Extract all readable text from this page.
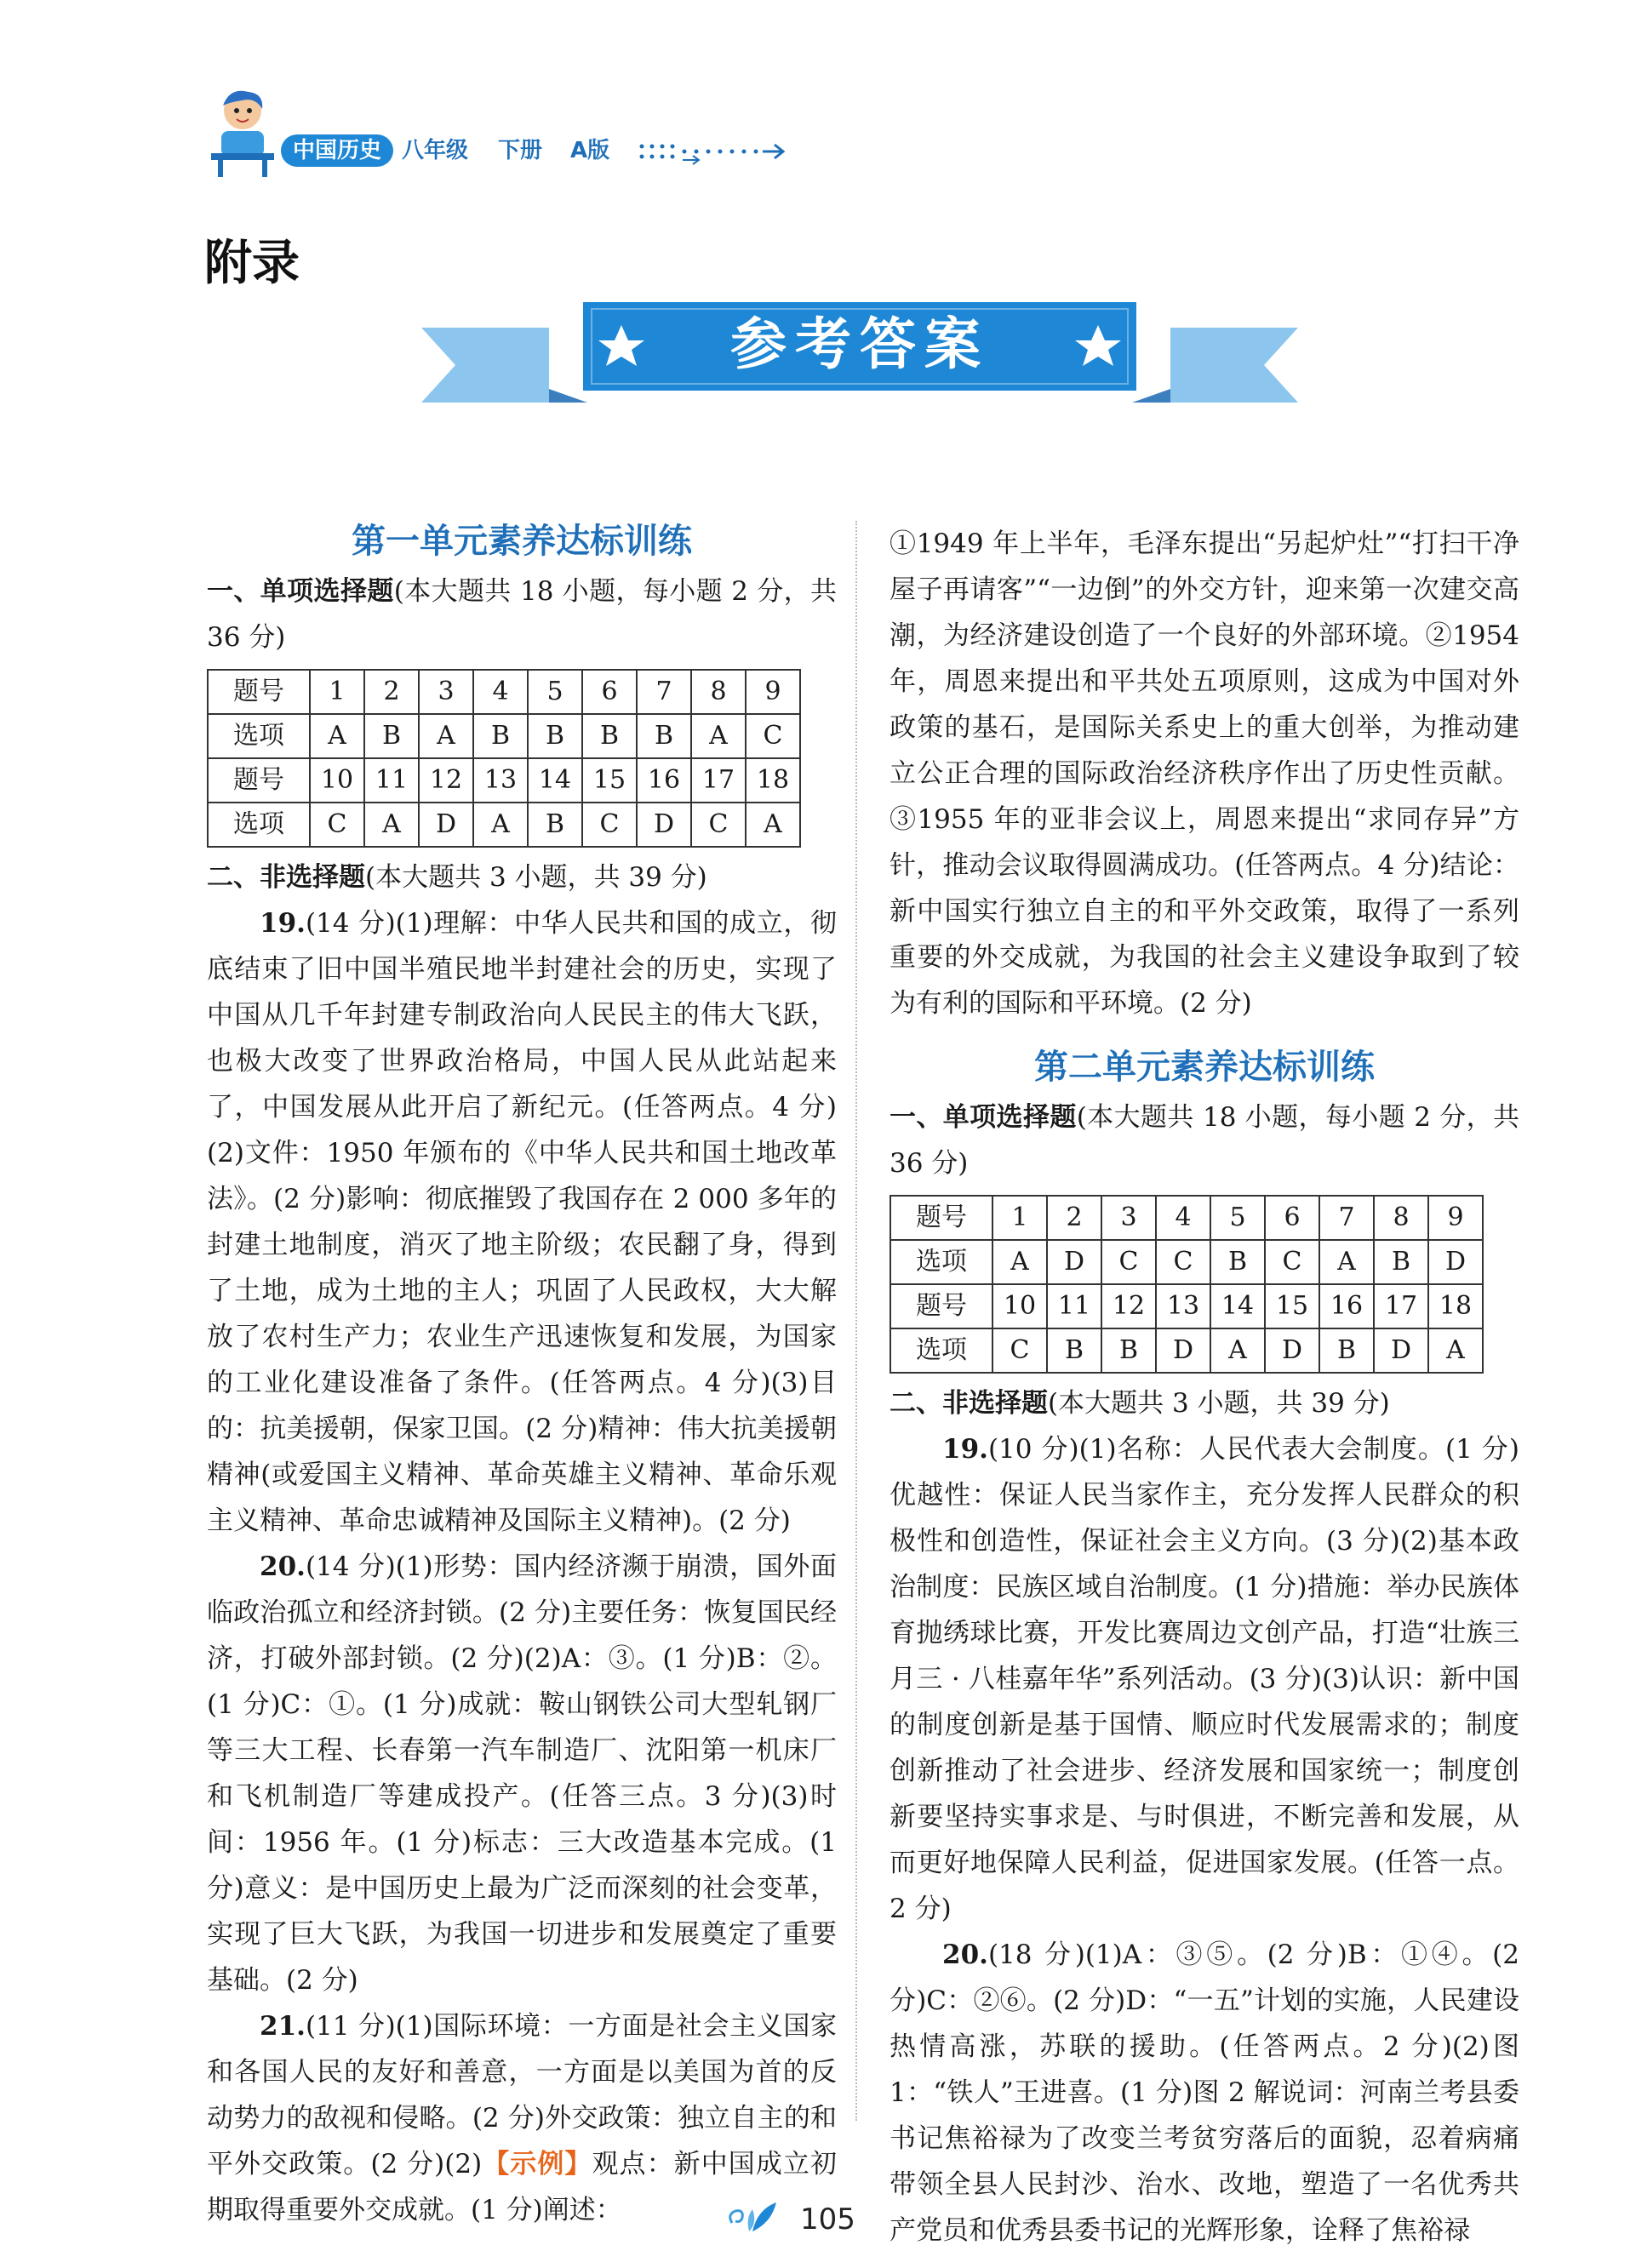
中国历史 八年级 下册 A版
附录
参考答案
第一单元素养达标训练

一、单项选择题(本大题共 18 小题，每小题 2 分，共 36 分)

题号	1	2	3	4	5	6	7	8	9
选项	A	B	A	B	B	B	B	A	C
题号	10	11	12	13	14	15	16	17	18
选项	C	A	D	A	B	C	D	C	A

二、非选择题(本大题共 3 小题，共 39 分)

19.(14 分)(1)理解：中华人民共和国的成立，彻底结束了旧中国半殖民地半封建社会的历史，实现了中国从几千年封建专制政治向人民民主的伟大飞跃，也极大改变了世界政治格局，中国人民从此站起来了，中国发展从此开启了新纪元。(任答两点。4 分)(2)文件：1950 年颁布的《中华人民共和国土地改革法》。(2 分)影响：彻底摧毁了我国存在 2 000 多年的封建土地制度，消灭了地主阶级；农民翻了身，得到了土地，成为土地的主人；巩固了人民政权，大大解放了农村生产力；农业生产迅速恢复和发展，为国家的工业化建设准备了条件。(任答两点。4 分)(3)目的：抗美援朝，保家卫国。(2 分)精神：伟大抗美援朝精神(或爱国主义精神、革命英雄主义精神、革命乐观主义精神、革命忠诚精神及国际主义精神)。(2 分)

20.(14 分)(1)形势：国内经济濒于崩溃，国外面临政治孤立和经济封锁。(2 分)主要任务：恢复国民经济，打破外部封锁。(2 分)(2)A：③。(1 分)B：②。(1 分)C：①。(1 分)成就：鞍山钢铁公司大型轧钢厂等三大工程、长春第一汽车制造厂、沈阳第一机床厂和飞机制造厂等建成投产。(任答三点。3 分)(3)时间：1956 年。(1 分)标志：三大改造基本完成。(1 分)意义：是中国历史上最为广泛而深刻的社会变革，实现了巨大飞跃，为我国一切进步和发展奠定了重要基础。(2 分)

21.(11 分)(1)国际环境：一方面是社会主义国家和各国人民的友好和善意，一方面是以美国为首的反动势力的敌视和侵略。(2 分)外交政策：独立自主的和平外交政策。(2 分)(2)【示例】观点：新中国成立初期取得重要外交成就。(1 分)阐述：

①1949 年上半年，毛泽东提出“另起炉灶”“打扫干净屋子再请客”“一边倒”的外交方针，迎来第一次建交高潮，为经济建设创造了一个良好的外部环境。②1954 年，周恩来提出和平共处五项原则，这成为中国对外政策的基石，是国际关系史上的重大创举，为推动建立公正合理的国际政治经济秩序作出了历史性贡献。③1955 年的亚非会议上，周恩来提出“求同存异”方针，推动会议取得圆满成功。(任答两点。4 分)结论：新中国实行独立自主的和平外交政策，取得了一系列重要的外交成就，为我国的社会主义建设争取到了较为有利的国际和平环境。(2 分)

第二单元素养达标训练

一、单项选择题(本大题共 18 小题，每小题 2 分，共 36 分)

题号	1	2	3	4	5	6	7	8	9
选项	A	D	C	C	B	C	A	B	D
题号	10	11	12	13	14	15	16	17	18
选项	C	B	B	D	A	D	B	D	A

二、非选择题(本大题共 3 小题，共 39 分)

19.(10 分)(1)名称：人民代表大会制度。(1 分)优越性：保证人民当家作主，充分发挥人民群众的积极性和创造性，保证社会主义方向。(3 分)(2)基本政治制度：民族区域自治制度。(1 分)措施：举办民族体育抛绣球比赛，开发比赛周边文创产品，打造“壮族三月三 · 八桂嘉年华”系列活动。(3 分)(3)认识：新中国的制度创新是基于国情、顺应时代发展需求的；制度创新推动了社会进步、经济发展和国家统一；制度创新要坚持实事求是、与时俱进，不断完善和发展，从而更好地保障人民利益，促进国家发展。(任答一点。2 分)

20.(18 分)(1)A：③⑤。(2 分)B：①④。(2 分)C：②⑥。(2 分)D：“一五”计划的实施，人民建设热情高涨，苏联的援助。(任答两点。2 分)(2)图 1：“铁人”王进喜。(1 分)图 2 解说词：河南兰考县委书记焦裕禄为了改变兰考贫穷落后的面貌，忍着病痛带领全县人民封沙、治水、改地，塑造了一名优秀共产党员和优秀县委书记的光辉形象，诠释了焦裕禄

105
